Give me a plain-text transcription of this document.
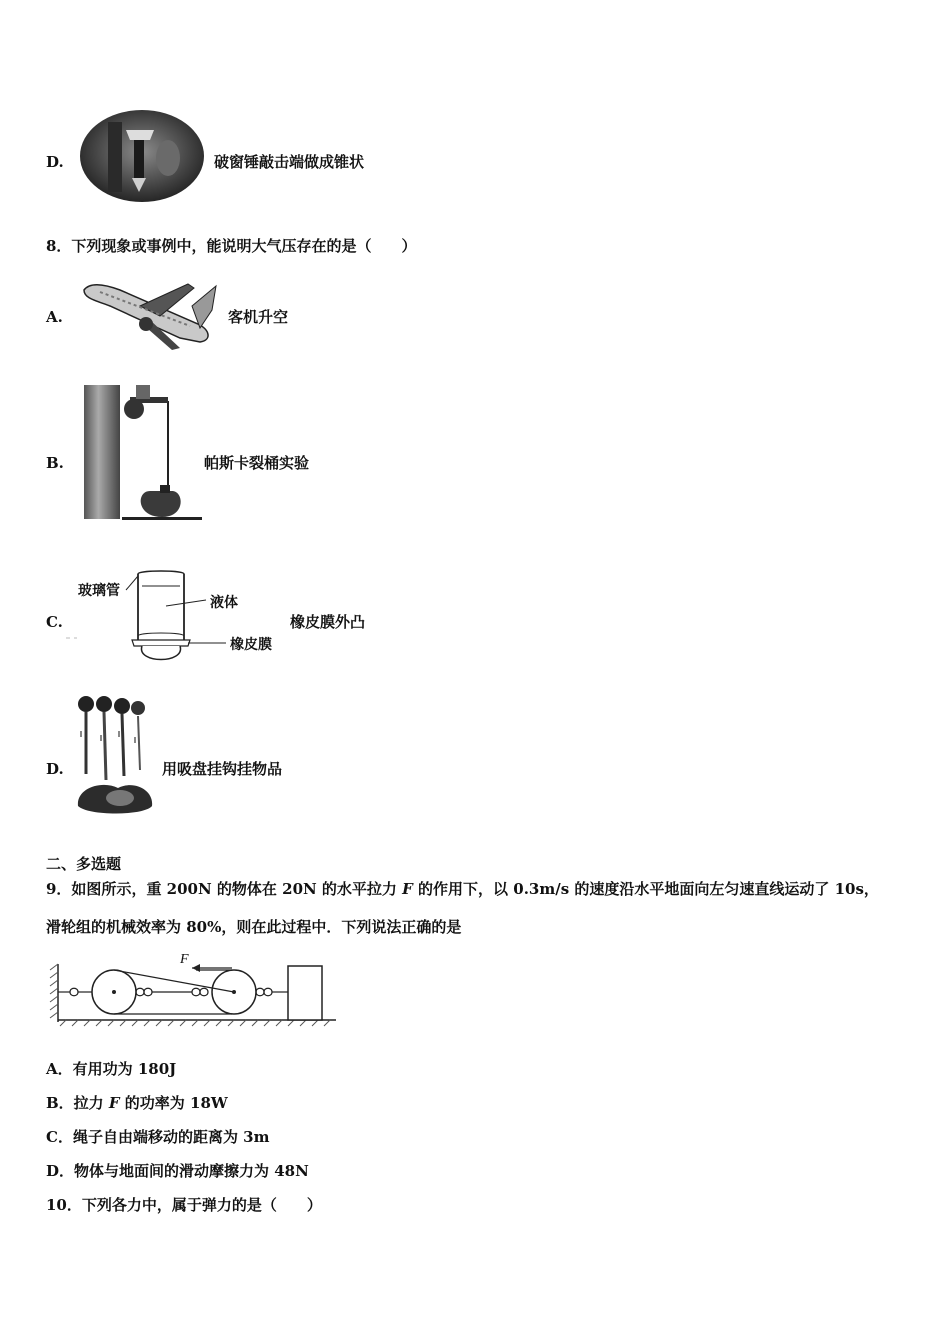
D.	破窗锤敲击端做成锥状
8．下列现象或事例中，能说明大气压存在的是（　　）
A.	客机升空
B.	帕斯卡裂桶实验
C.
玻璃管
液体
橡皮膜
橡皮膜外凸
D.	用吸盘挂钩挂物品
二、多选题
9．如图所示，重 200N 的物体在 20N 的水平拉力 F 的作用下，以 0.3m/s 的速度沿水平地面向左匀速直线运动了 10s，
滑轮组的机械效率为 80%，则在此过程中．下列说法正确的是
F
A．有用功为 180J
B．拉力 F 的功率为 18W
C．绳子自由端移动的距离为 3m
D．物体与地面间的滑动摩擦力为 48N
10．下列各力中，属于弹力的是（　　）
